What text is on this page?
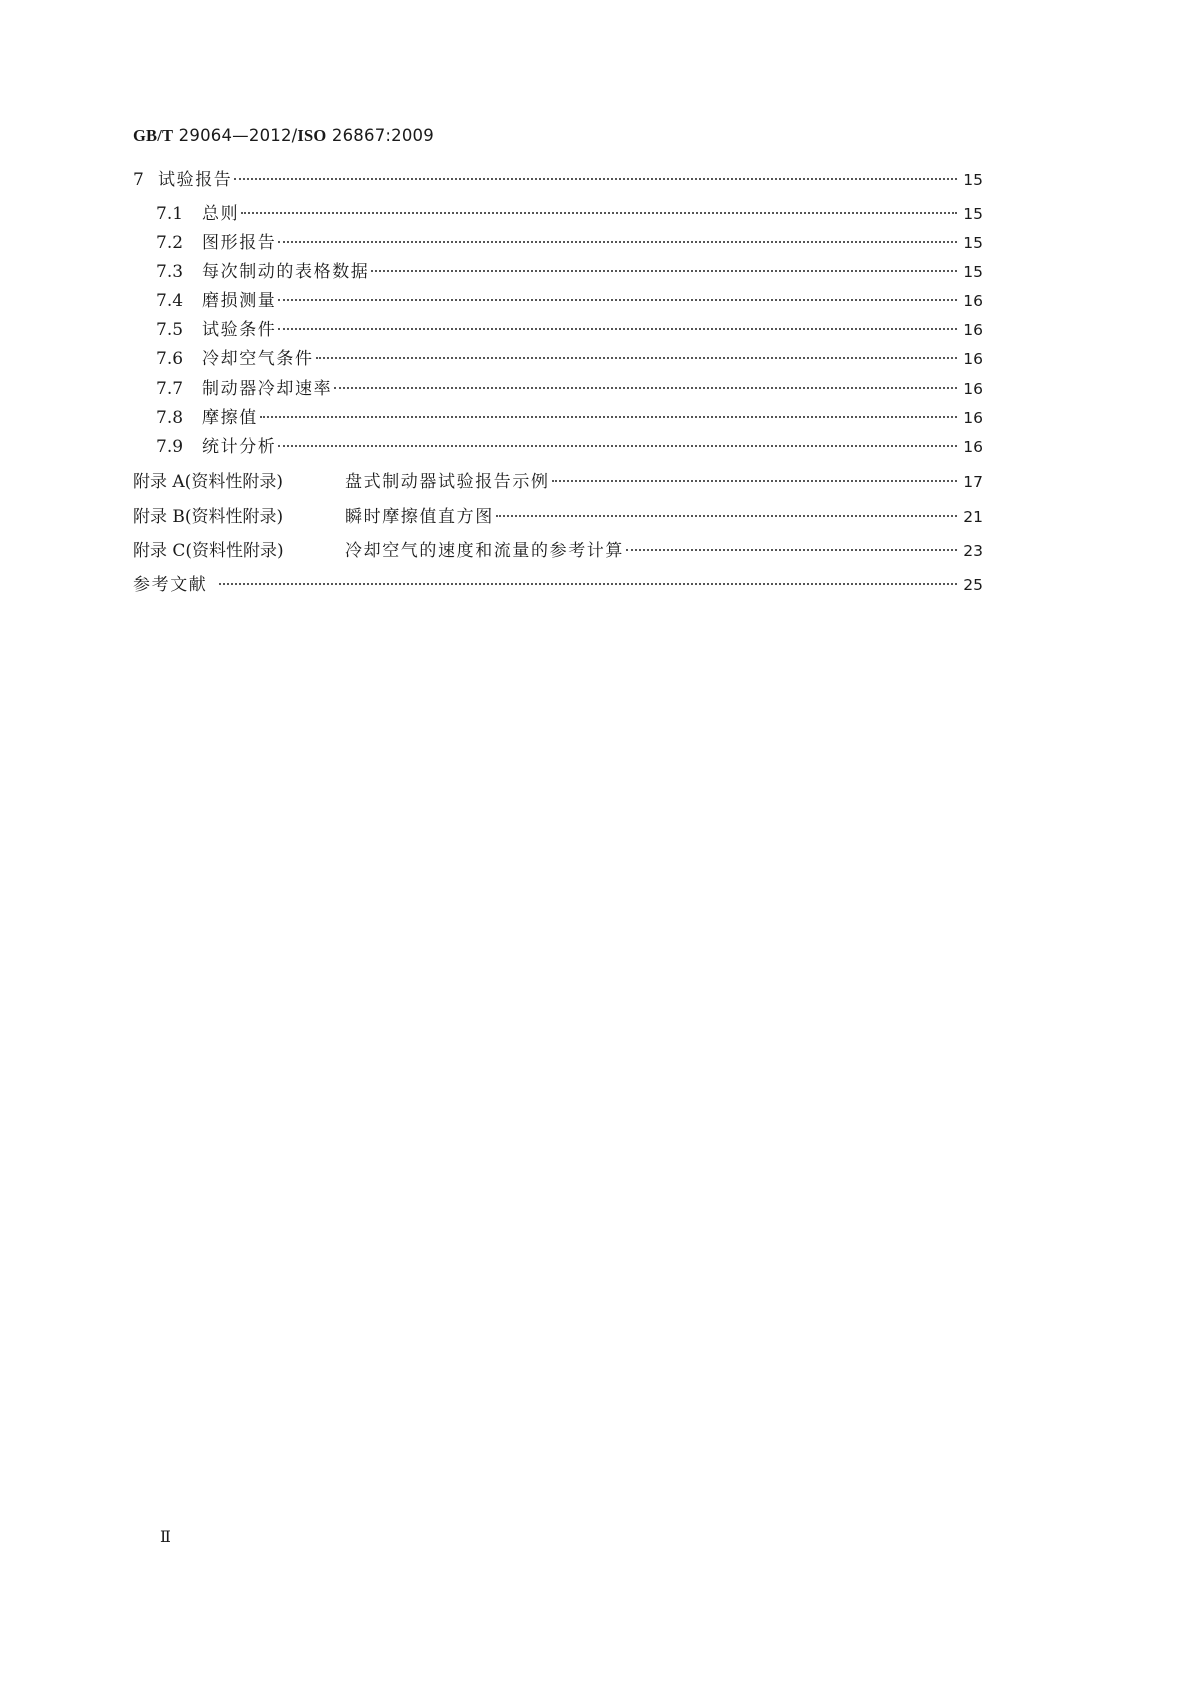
GB/T 29064—2012/ISO 26867:2009
7 试验报告	15
7.1	总则	15
7.2	图形报告	15
7.3	每次制动的表格数据	15
7.4	磨损测量	16
7.5	试验条件	16
7.6	冷却空气条件	16
7.7	制动器冷却速率	16
7.8	摩擦值	16
7.9	统计分析	16
附录 A(资料性附录)	盘式制动器试验报告示例	17
附录 B(资料性附录)	瞬时摩擦值直方图	21
附录 C(资料性附录)	冷却空气的速度和流量的参考计算	23
参考文献	25
Ⅱ
